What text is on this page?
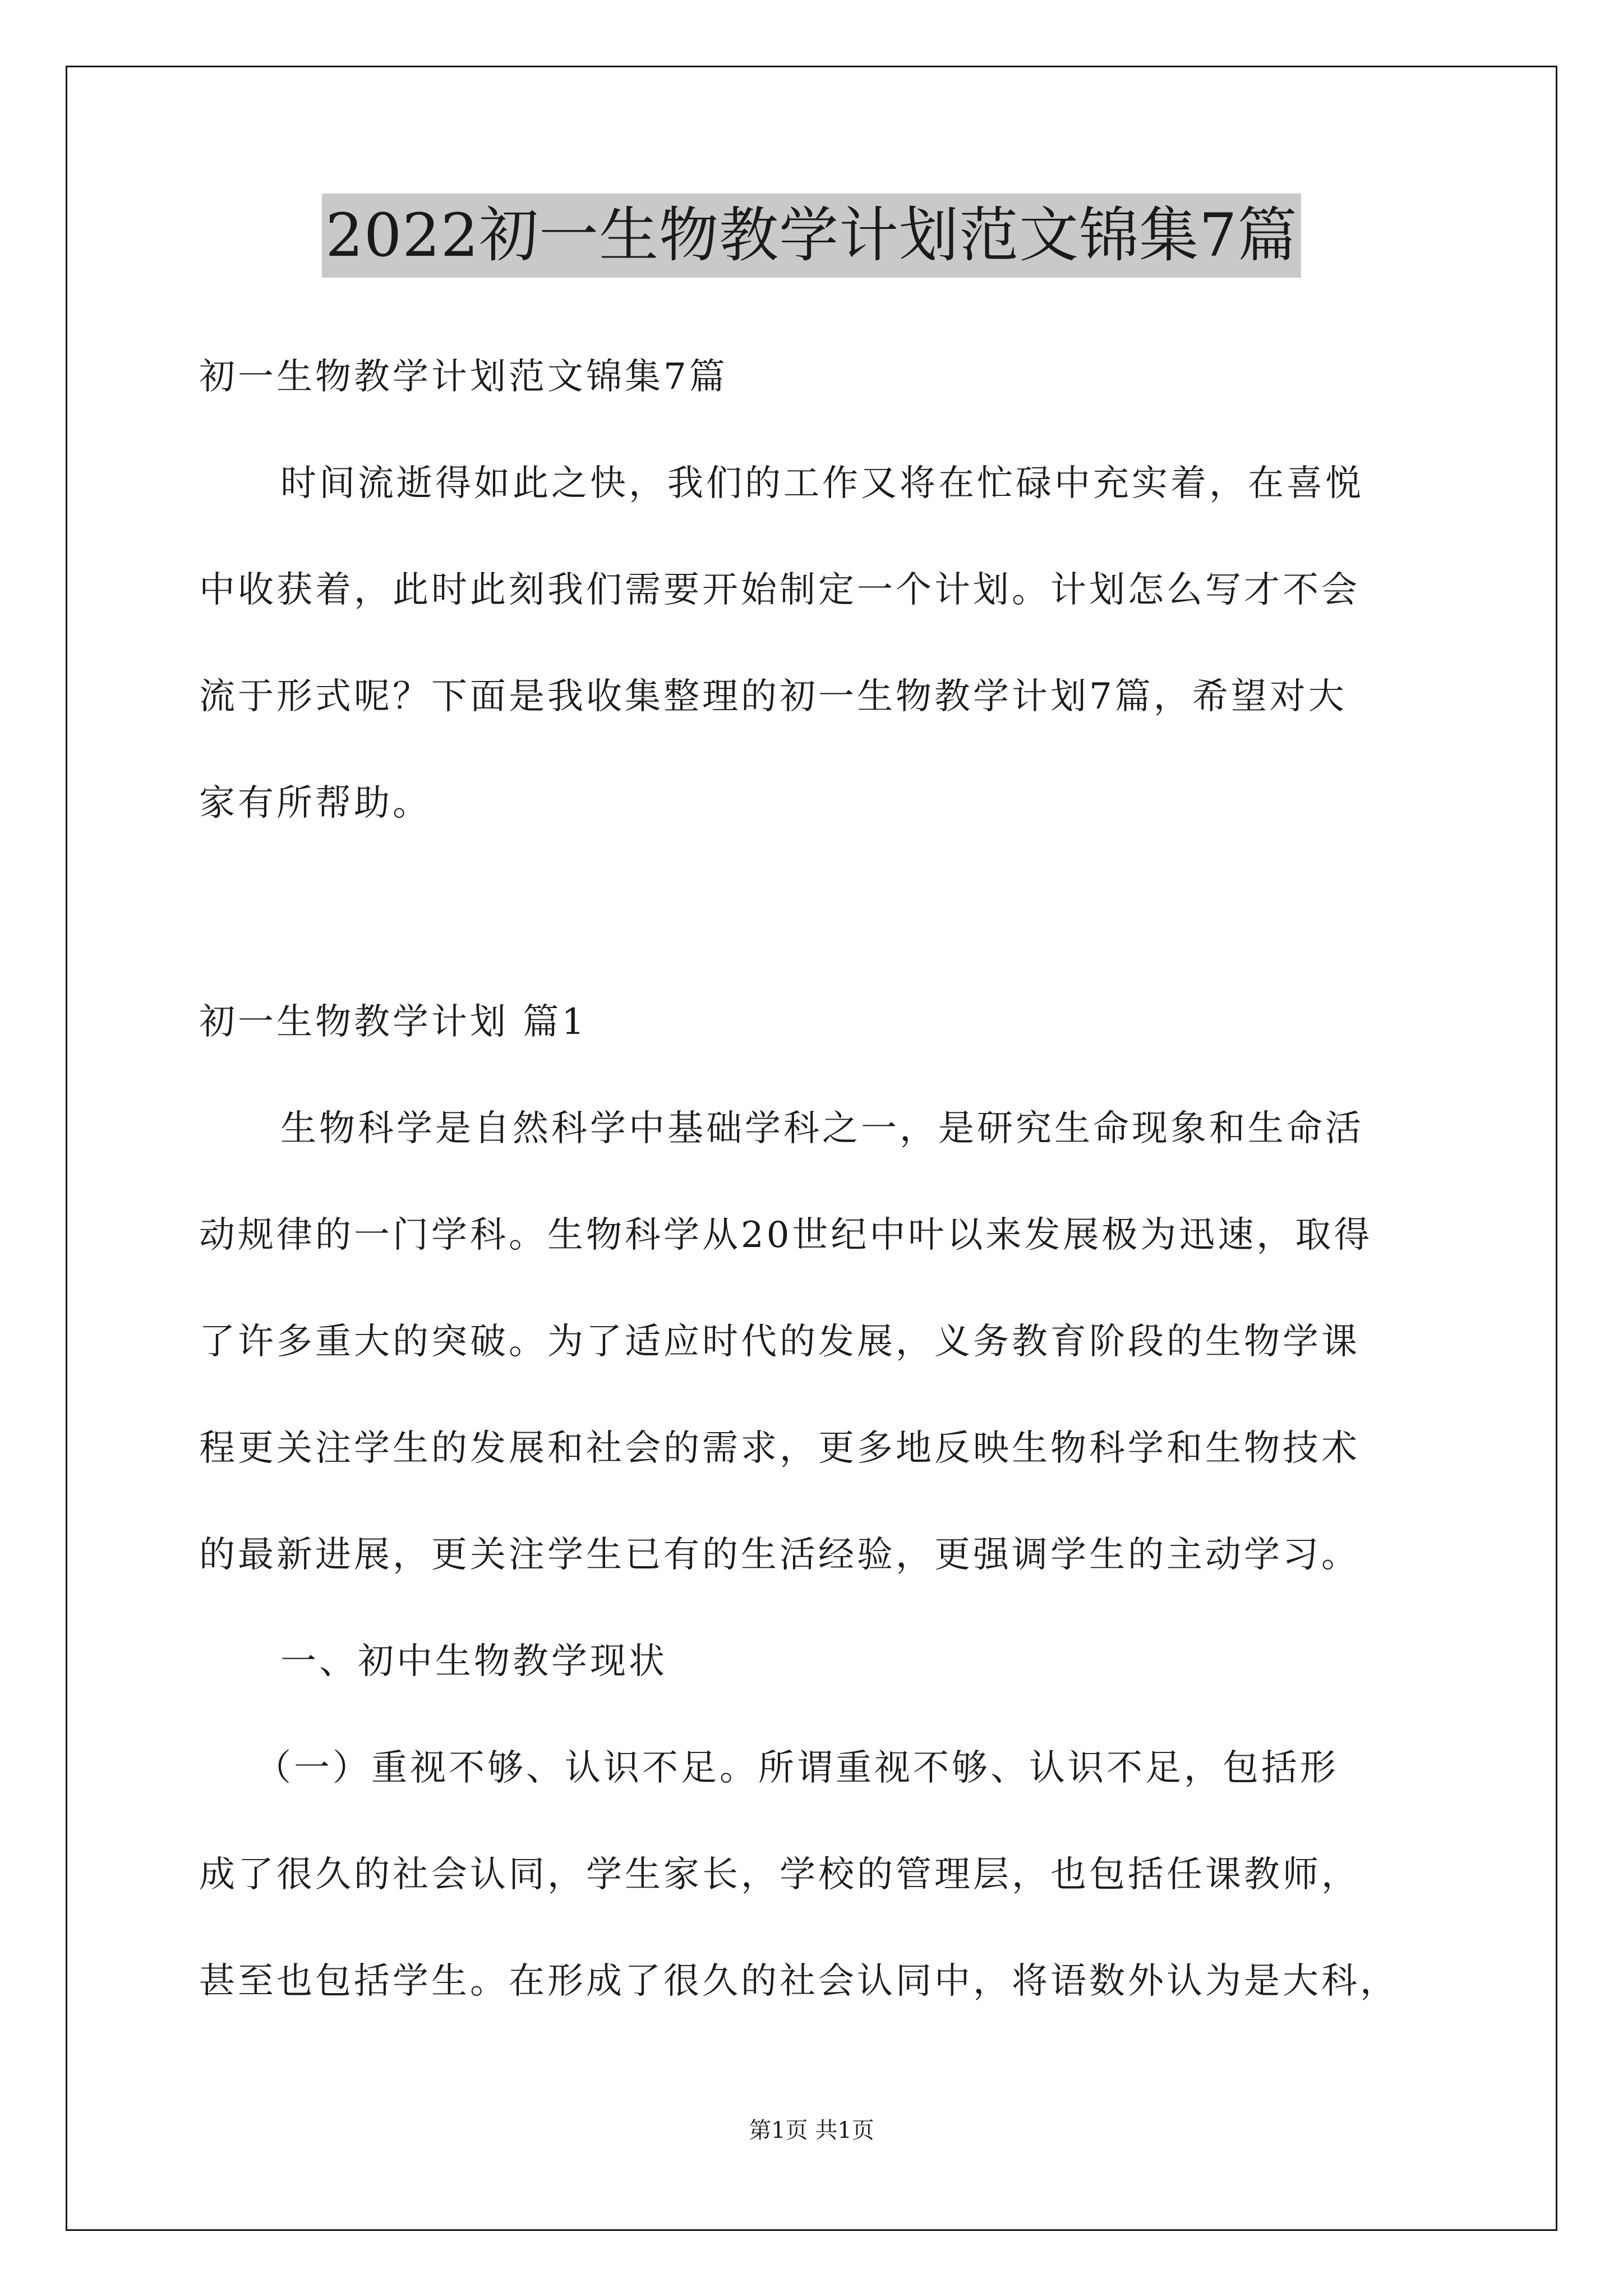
2022初一生物教学计划范文锦集7篇
初一生物教学计划范文锦集7篇
时间流逝得如此之快，我们的工作又将在忙碌中充实着，在喜悦
中收获着，此时此刻我们需要开始制定一个计划。计划怎么写才不会
流于形式呢？下面是我收集整理的初一生物教学计划7篇，希望对大
家有所帮助。
初一生物教学计划 篇1
生物科学是自然科学中基础学科之一，是研究生命现象和生命活
动规律的一门学科。生物科学从20世纪中叶以来发展极为迅速，取得
了许多重大的突破。为了适应时代的发展，义务教育阶段的生物学课
程更关注学生的发展和社会的需求，更多地反映生物科学和生物技术
的最新进展，更关注学生已有的生活经验，更强调学生的主动学习。
一、初中生物教学现状
（一）重视不够、认识不足。所谓重视不够、认识不足，包括形
成了很久的社会认同，学生家长，学校的管理层，也包括任课教师，
甚至也包括学生。在形成了很久的社会认同中，将语数外认为是大科，
第1页 共1页
